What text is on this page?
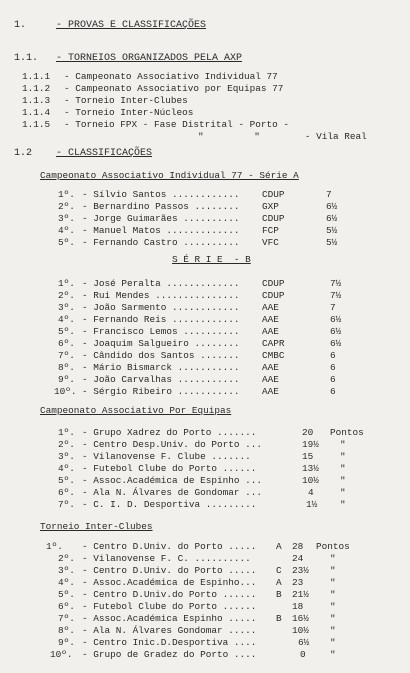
1.	- PROVAS E CLASSIFICAÇÕES
1.1. - TORNEIOS ORGANIZADOS PELA AXP
1.1.1 - Campeonato Associativo Individual 77
1.1.2 - Campeonato Associativo por Equipas 77
1.1.3 - Torneio Inter-Clubes
1.1.4 - Torneio Inter-Núcleos
1.1.5 - Torneio FPX - Fase Distrital - Porto -
"         "        - Vila Real
1.2 - CLASSIFICAÇÕES
Campeonato Associativo Individual 77 - Série A
1º. - Sílvio Santos ............ CDUP	7
2º. - Bernardino Passos ........ GXP	6½
3º. - Jorge Guimarães .......... CDUP	6½
4º. - Manuel Matos ............. FCP	5½
5º. - Fernando Castro .......... VFC	5½
S É R I E  - B
1º. - José Peralta ............. CDUP	7½
2º. - Rui Mendes ............... CDUP	7½
3º. - João Sarmento ............ AAE	7
4º. - Fernando Reis ............ AAE	6½
5º. - Francisco Lemos .......... AAE	6½
6º. - Joaquim Salgueiro ........ CAPR	6½
7º. - Cândido dos Santos ....... CMBC	6
8º. - Mário Bismarck ........... AAE	6
9º. - João Carvalhas ........... AAE	6
10º. - Sérgio Ribeiro ........... AAE	6
Campeonato Associativo Por Equipas
1º. - Grupo Xadrez do Porto .......	20 Pontos
2º. - Centro Desp.Univ. do Porto ...	19½ "
3º. - Vilanovense F. Clube .......	15	"
4º. - Futebol Clube do Porto ......	13½ "
5º. - Assoc.Académica de Espinho ...	10½ "
6º. - Ala N. Álvares de Gondomar ...	4	"
7º. - C. I. D. Desportiva .........	1½ "
Torneio Inter-Clubes
1º. - Centro D.Univ. do Porto ..... A 28 Pontos
2º. - Vilanovense F. C. ..........	24	"
3º. - Centro D.Univ. do Porto ..... C 23½ "
4º. - Assoc.Académica de Espinho... A 23	"
5º. - Centro D.Univ.do Porto ...... B 21½ "
6º. - Futebol Clube do Porto ......	18	"
7º. - Assoc.Académica Espinho ..... B 16½ "
8º. - Ala N. Álvares Gondomar .....	10½ "
9º. - Centro Inic.D.Desportiva ....	6½ "
10º. - Grupo de Gradez do Porto ....	0	"
